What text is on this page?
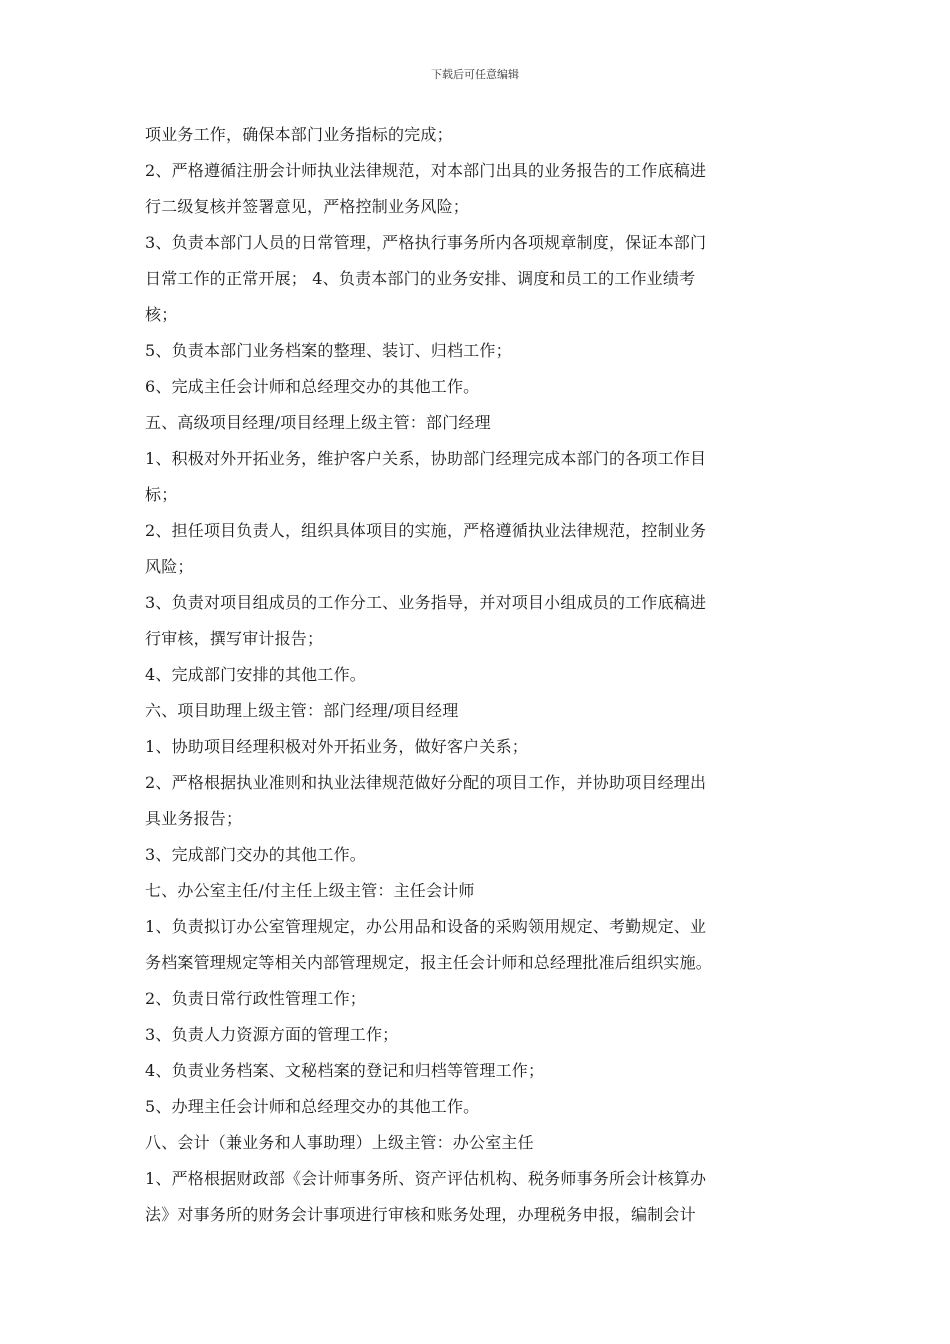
下载后可任意编辑
项业务工作，确保本部门业务指标的完成；
2、严格遵循注册会计师执业法律规范，对本部门出具的业务报告的工作底稿进
行二级复核并签署意见，严格控制业务风险；
3、负责本部门人员的日常管理，严格执行事务所内各项规章制度，保证本部门
日常工作的正常开展； 4、负责本部门的业务安排、调度和员工的工作业绩考
核；
5、负责本部门业务档案的整理、装订、归档工作；
6、完成主任会计师和总经理交办的其他工作。
五、高级项目经理/项目经理上级主管：部门经理
1、积极对外开拓业务，维护客户关系，协助部门经理完成本部门的各项工作目
标；
2、担任项目负责人，组织具体项目的实施，严格遵循执业法律规范，控制业务
风险；
3、负责对项目组成员的工作分工、业务指导，并对项目小组成员的工作底稿进
行审核，撰写审计报告；
4、完成部门安排的其他工作。
六、项目助理上级主管：部门经理/项目经理
1、协助项目经理积极对外开拓业务，做好客户关系；
2、严格根据执业准则和执业法律规范做好分配的项目工作，并协助项目经理出
具业务报告；
3、完成部门交办的其他工作。
七、办公室主任/付主任上级主管：主任会计师
1、负责拟订办公室管理规定，办公用品和设备的采购领用规定、考勤规定、业
务档案管理规定等相关内部管理规定，报主任会计师和总经理批准后组织实施。
2、负责日常行政性管理工作；
3、负责人力资源方面的管理工作；
4、负责业务档案、文秘档案的登记和归档等管理工作；
5、办理主任会计师和总经理交办的其他工作。
八、会计（兼业务和人事助理）上级主管：办公室主任
1、严格根据财政部《会计师事务所、资产评估机构、税务师事务所会计核算办
法》对事务所的财务会计事项进行审核和账务处理，办理税务申报，编制会计
